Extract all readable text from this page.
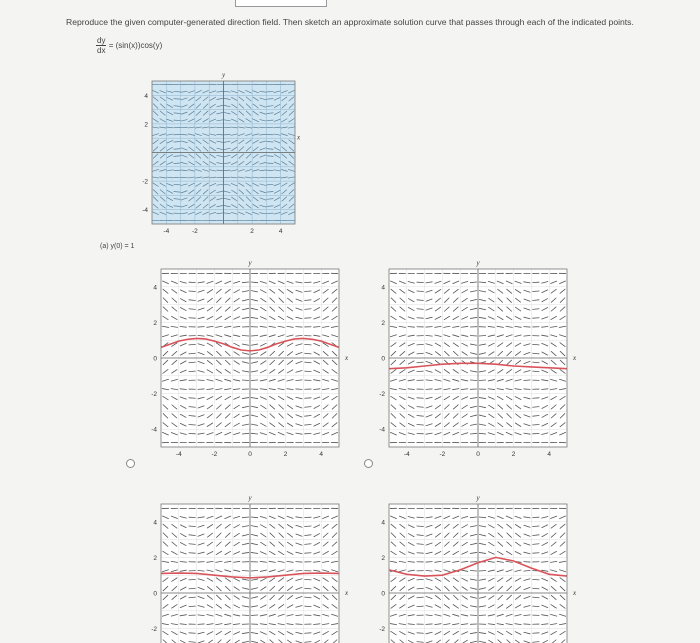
Reproduce the given computer-generated direction field. Then sketch an approximate solution curve that passes through each of the indicated points.
$\frac{dy}{dx} = (\sin(x))\cos(y)$
y
x
-4	-2	2	4
4
2
-2
-4
(a) y(0) = 1
y
x
-4	-2	0	2	4
4
2
0
-2
-4
y
x
-4	-2	0	2	4
4
2
0
-2
-4
y
x
4
2
0
-2
y
x
4
2
0
-2
